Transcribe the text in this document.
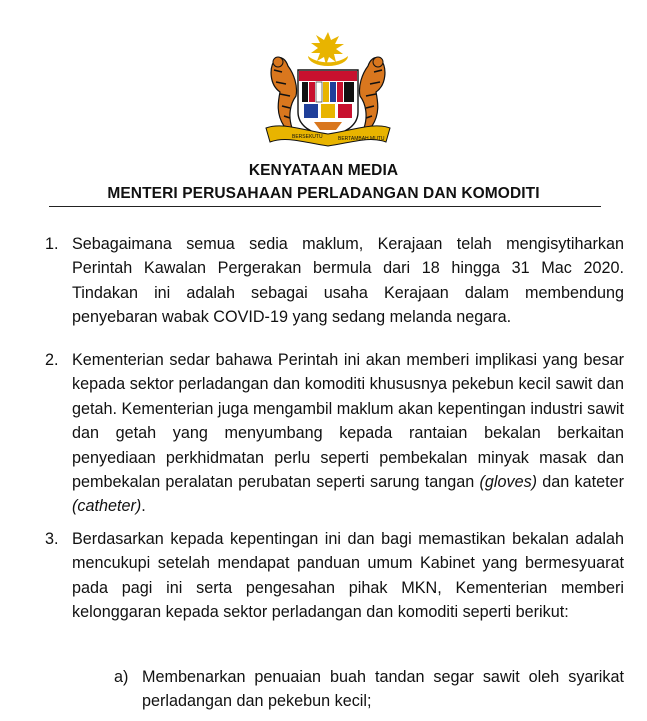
BERSEKUTU	BERTAMBAH MUTU
KENYATAAN MEDIA
MENTERI PERUSAHAAN PERLADANGAN DAN KOMODITI
1. Sebagaimana semua sedia maklum, Kerajaan telah mengisytiharkan Perintah Kawalan Pergerakan bermula dari 18 hingga 31 Mac 2020. Tindakan ini adalah sebagai usaha Kerajaan dalam membendung penyebaran wabak COVID-19 yang sedang melanda negara.
2. Kementerian sedar bahawa Perintah ini akan memberi implikasi yang besar kepada sektor perladangan dan komoditi khususnya pekebun kecil sawit dan getah. Kementerian juga mengambil maklum akan kepentingan industri sawit dan getah yang menyumbang kepada rantaian bekalan berkaitan penyediaan perkhidmatan perlu seperti pembekalan minyak masak dan pembekalan peralatan perubatan seperti sarung tangan (gloves) dan kateter (catheter).
3. Berdasarkan kepada kepentingan ini dan bagi memastikan bekalan adalah mencukupi setelah mendapat panduan umum Kabinet yang bermesyuarat pada pagi ini serta pengesahan pihak MKN, Kementerian memberi kelonggaran kepada sektor perladangan dan komoditi seperti berikut:
a) Membenarkan penuaian buah tandan segar sawit oleh syarikat perladangan dan pekebun kecil;
